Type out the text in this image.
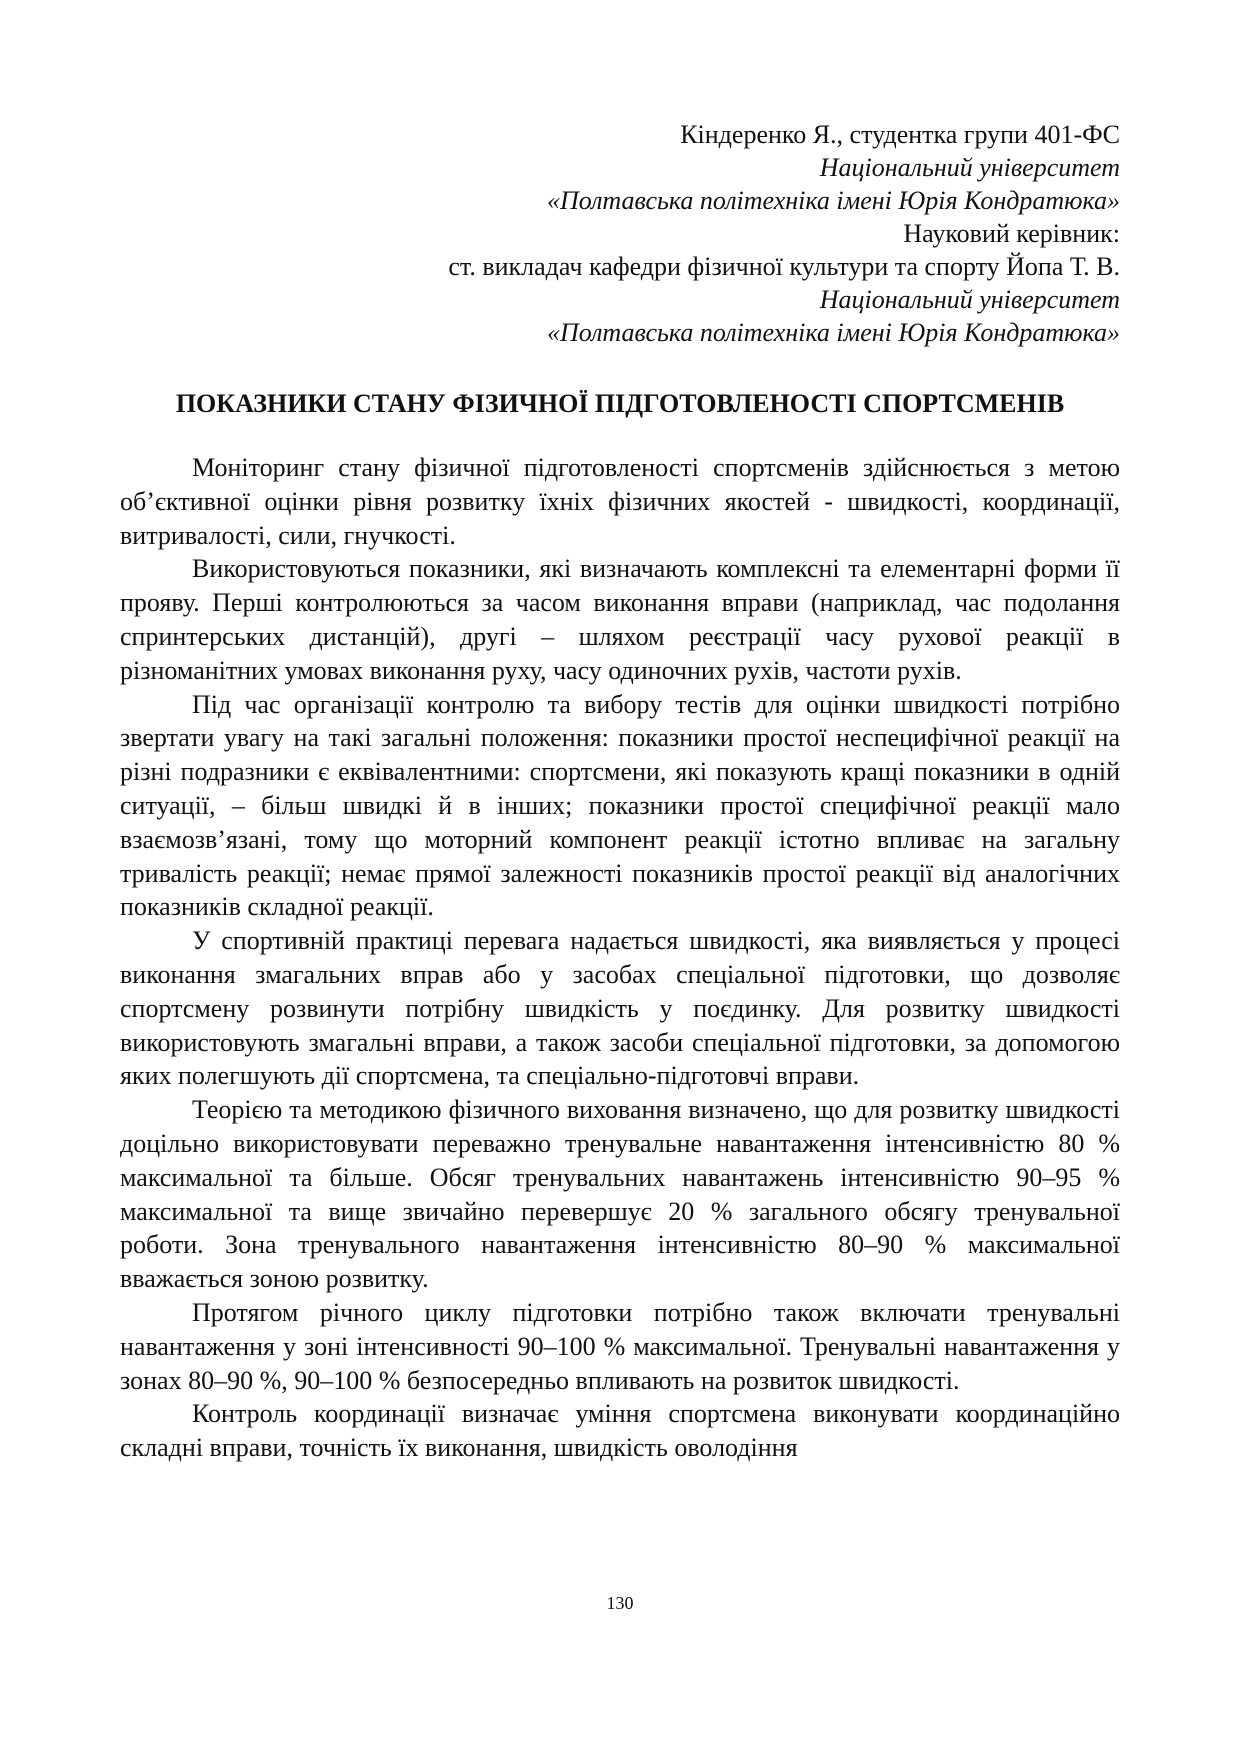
Кіндеренко Я., студентка групи 401-ФС
Національний університет
«Полтавська політехніка імені Юрія Кондратюка»
Науковий керівник:
ст. викладач кафедри фізичної культури та спорту Йопа Т. В.
Національний університет
«Полтавська політехніка імені Юрія Кондратюка»
ПОКАЗНИКИ СТАНУ ФІЗИЧНОЇ ПІДГОТОВЛЕНОСТІ СПОРТСМЕНІВ

Моніторинг стану фізичної підготовленості спортсменів здійснюється з метою об’єктивної оцінки рівня розвитку їхніх фізичних якостей - швидкості, координації, витривалості, сили, гнучкості.

Використовуються показники, які визначають комплексні та елементарні форми її прояву. Перші контролюються за часом виконання вправи (наприклад, час подолання спринтерських дистанцій), другі – шляхом реєстрації часу рухової реакції в різноманітних умовах виконання руху, часу одиночних рухів, частоти рухів.

Під час організації контролю та вибору тестів для оцінки швидкості потрібно звертати увагу на такі загальні положення: показники простої неспецифічної реакції на різні подразники є еквівалентними: спортсмени, які показують кращі показники в одній ситуації, – більш швидкі й в інших; показники простої специфічної реакції мало взаємозв’язані, тому що моторний компонент реакції істотно впливає на загальну тривалість реакції; немає прямої залежності показників простої реакції від аналогічних показників складної реакції.

У спортивній практиці перевага надається швидкості, яка виявляється у процесі виконання змагальних вправ або у засобах спеціальної підготовки, що дозволяє спортсмену розвинути потрібну швидкість у поєдинку. Для розвитку швидкості використовують змагальні вправи, а також засоби спеціальної підготовки, за допомогою яких полегшують дії спортсмена, та спеціально-підготовчі вправи.

Теорією та методикою фізичного виховання визначено, що для розвитку швидкості доцільно використовувати переважно тренувальне навантаження інтенсивністю 80 % максимальної та більше. Обсяг тренувальних навантажень інтенсивністю 90–95 % максимальної та вище звичайно перевершує 20 % загального обсягу тренувальної роботи. Зона тренувального навантаження інтенсивністю 80–90 % максимальної вважається зоною розвитку.

Протягом річного циклу підготовки потрібно також включати тренувальні навантаження у зоні інтенсивності 90–100 % максимальної. Тренувальні навантаження у зонах 80–90 %, 90–100 % безпосередньо впливають на розвиток швидкості.

Контроль координації визначає уміння спортсмена виконувати координаційно складні вправи, точність їх виконання, швидкість оволодіння

130
